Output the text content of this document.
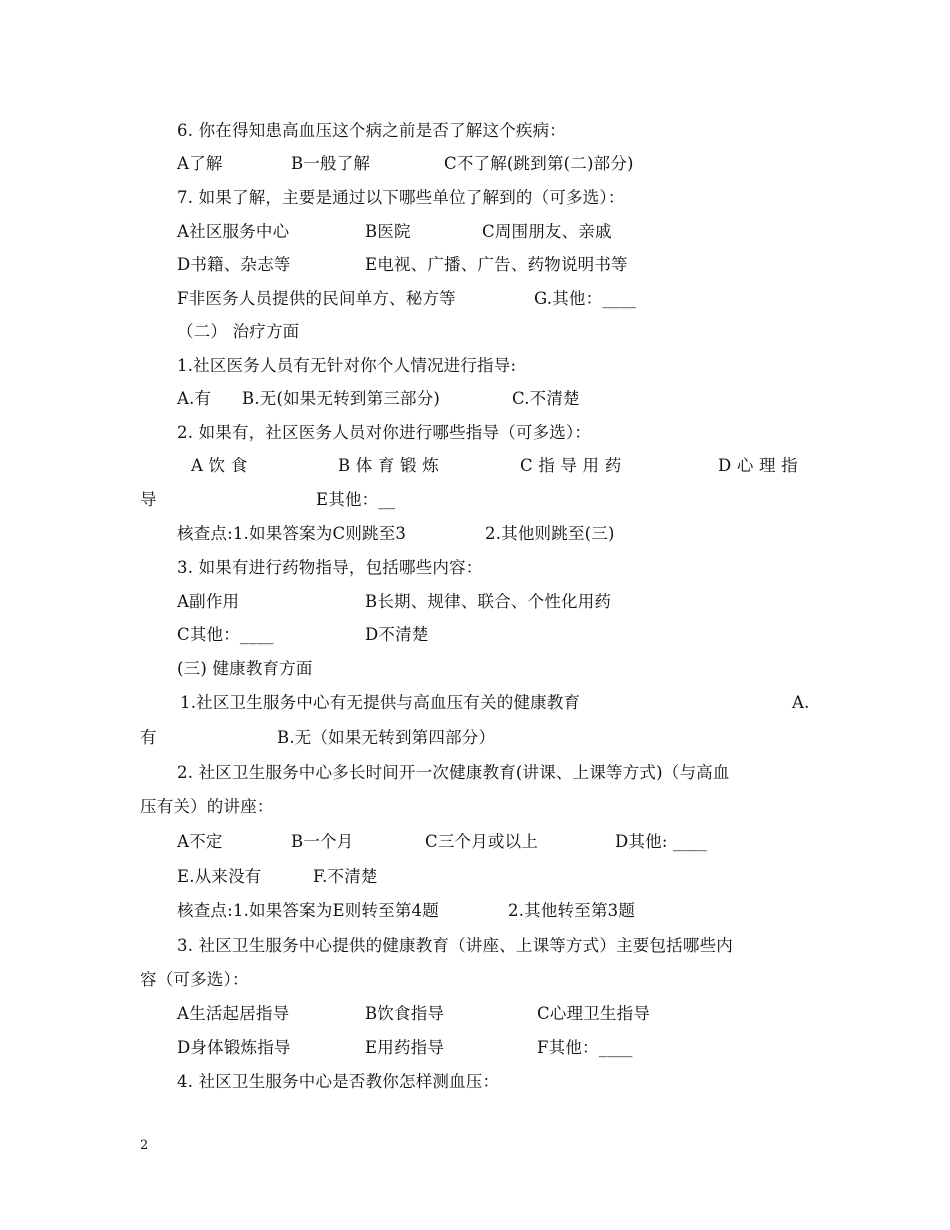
6. 你在得知患高血压这个病之前是否了解这个疾病：
A了解	B一般了解	C不了解(跳到第(二)部分)
7. 如果了解，主要是通过以下哪些单位了解到的（可多选）：
A社区服务中心	B医院	C周围朋友、亲戚
D书籍、杂志等	E电视、广播、广告、药物说明书等
F非医务人员提供的民间单方、秘方等	G.其他：____
（二） 治疗方面
1.社区医务人员有无针对你个人情况进行指导:
A.有 B.无(如果无转到第三部分)	C.不清楚
2. 如果有，社区医务人员对你进行哪些指导（可多选）：
A 饮 食	B 体 育 锻 炼	C 指 导 用 药	D 心 理 指
导	E其他：__
核查点:1.如果答案为C则跳至3	2.其他则跳至(三)
3. 如果有进行药物指导，包括哪些内容：
A副作用	B长期、规律、联合、个性化用药
C其他：____	D不清楚
(三) 健康教育方面
1.社区卫生服务中心有无提供与高血压有关的健康教育	A.
有	B.无（如果无转到第四部分）
2. 社区卫生服务中心多长时间开一次健康教育(讲课、上课等方式)（与高血
压有关）的讲座：
A不定	B一个月	C三个月或以上	D其他: ____
E.从来没有	F.不清楚
核查点:1.如果答案为E则转至第4题	2.其他转至第3题
3. 社区卫生服务中心提供的健康教育（讲座、上课等方式）主要包括哪些内
容（可多选）：
A生活起居指导	B饮食指导	C心理卫生指导
D身体锻炼指导	E用药指导	F其他：____
4. 社区卫生服务中心是否教你怎样测血压：
2
